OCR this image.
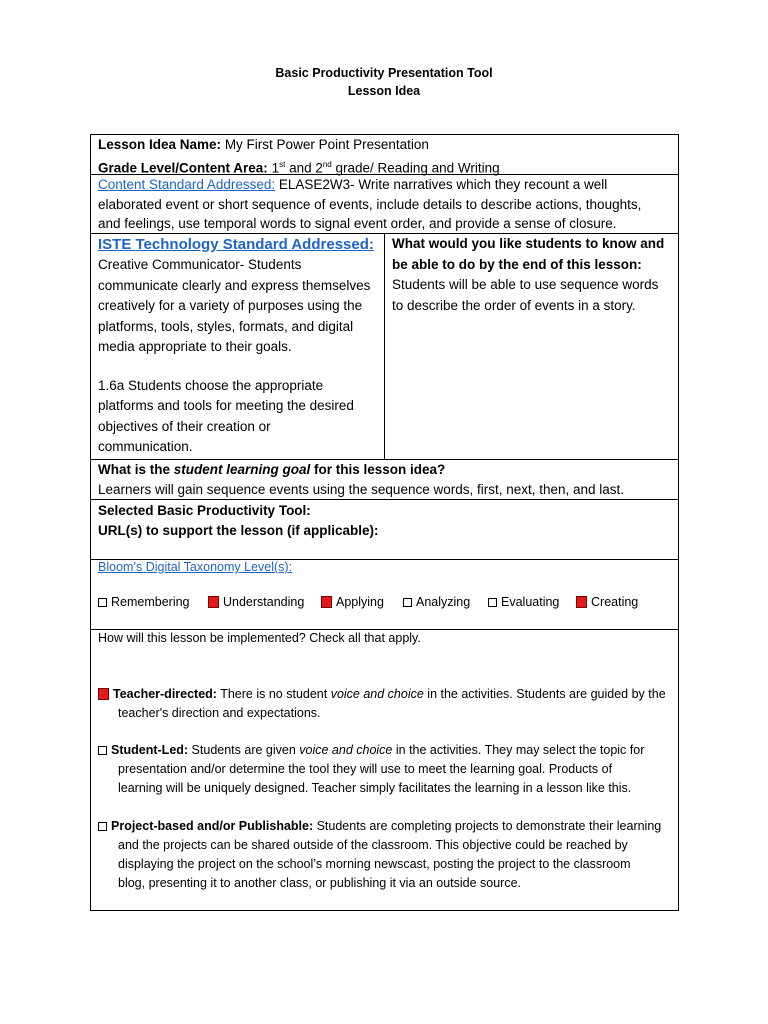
Basic Productivity Presentation Tool
Lesson Idea
Lesson Idea Name: My First Power Point Presentation
Grade Level/Content Area: 1st and 2nd grade/ Reading and Writing
Content Standard Addressed: ELASE2W3- Write narratives which they recount a well
elaborated event or short sequence of events, include details to describe actions, thoughts,
and feelings, use temporal words to signal event order, and provide a sense of closure.
ISTE Technology Standard Addressed:
Creative Communicator- Students
communicate clearly and express themselves
creatively for a variety of purposes using the
platforms, tools, styles, formats, and digital
media appropriate to their goals.
1.6a Students choose the appropriate
platforms and tools for meeting the desired
objectives of their creation or
communication.
What would you like students to know and
be able to do by the end of this lesson:
Students will be able to use sequence words
to describe the order of events in a story.
What is the student learning goal for this lesson idea?
Learners will gain sequence events using the sequence words, first, next, then, and last.
Selected Basic Productivity Tool:
URL(s) to support the lesson (if applicable):
Bloom’s Digital Taxonomy Level(s):
Remembering	Understanding	Applying	Analyzing	Evaluating	Creating
How will this lesson be implemented? Check all that apply.
Teacher-directed: There is no student voice and choice in the activities. Students are guided by the
teacher's direction and expectations.
Student-Led: Students are given voice and choice in the activities. They may select the topic for
presentation and/or determine the tool they will use to meet the learning goal. Products of
learning will be uniquely designed. Teacher simply facilitates the learning in a lesson like this.
Project-based and/or Publishable: Students are completing projects to demonstrate their learning
and the projects can be shared outside of the classroom. This objective could be reached by
displaying the project on the school’s morning newscast, posting the project to the classroom
blog, presenting it to another class, or publishing it via an outside source.
